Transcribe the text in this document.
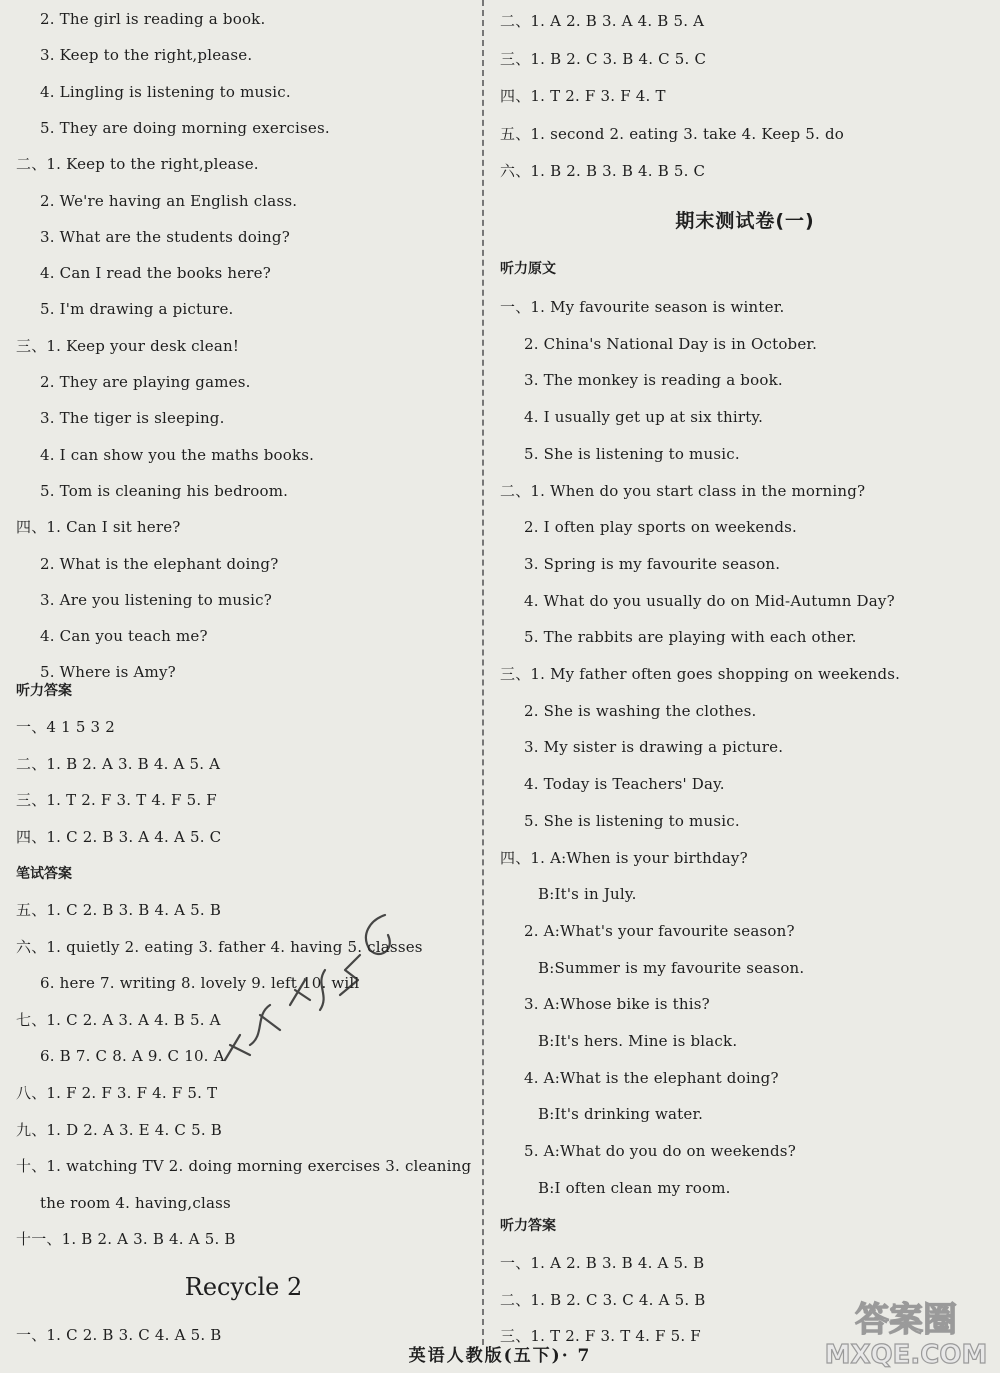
2. The girl is reading a book.
3. Keep to the right,please.
4. Lingling is listening to music.
5. They are doing morning exercises.
二、1. Keep to the right,please.
2. We're having an English class.
3. What are the students doing?
4. Can I read the books here?
5. I'm drawing a picture.
三、1. Keep your desk clean!
2. They are playing games.
3. The tiger is sleeping.
4. I can show you the maths books.
5. Tom is cleaning his bedroom.
四、1. Can I sit here?
2. What is the elephant doing?
3. Are you listening to music?
4. Can you teach me?
5. Where is Amy?
听力答案
一、4 1 5 3 2
二、1. B 2. A 3. B 4. A 5. A
三、1. T 2. F 3. T 4. F 5. F
四、1. C 2. B 3. A 4. A 5. C
笔试答案
五、1. C 2. B 3. B 4. A 5. B
六、1. quietly 2. eating 3. father 4. having 5. classes
6. here 7. writing 8. lovely 9. left 10. will
七、1. C 2. A 3. A 4. B 5. A
6. B 7. C 8. A 9. C 10. A
八、1. F 2. F 3. F 4. F 5. T
九、1. D 2. A 3. E 4. C 5. B
十、1. watching TV 2. doing morning exercises 3. cleaning
the room 4. having,class
十一、1. B 2. A 3. B 4. A 5. B
Recycle 2
一、1. C 2. B 3. C 4. A 5. B
二、1. A 2. B 3. A 4. B 5. A
三、1. B 2. C 3. B 4. C 5. C
四、1. T 2. F 3. F 4. T
五、1. second 2. eating 3. take 4. Keep 5. do
六、1. B 2. B 3. B 4. B 5. C
期末测试卷(一)
听力原文
一、1. My favourite season is winter.
2. China's National Day is in October.
3. The monkey is reading a book.
4. I usually get up at six thirty.
5. She is listening to music.
二、1. When do you start class in the morning?
2. I often play sports on weekends.
3. Spring is my favourite season.
4. What do you usually do on Mid-Autumn Day?
5. The rabbits are playing with each other.
三、1. My father often goes shopping on weekends.
2. She is washing the clothes.
3. My sister is drawing a picture.
4. Today is Teachers' Day.
5. She is listening to music.
四、1. A:When is your birthday?
B:It's in July.
2. A:What's your favourite season?
B:Summer is my favourite season.
3. A:Whose bike is this?
B:It's hers. Mine is black.
4. A:What is the elephant doing?
B:It's drinking water.
5. A:What do you do on weekends?
B:I often clean my room.
听力答案
一、1. A 2. B 3. B 4. A 5. B
二、1. B 2. C 3. C 4. A 5. B
三、1. T 2. F 3. T 4. F 5. F	答案圈
MXQE.COM
英语人教版(五下)· 7
